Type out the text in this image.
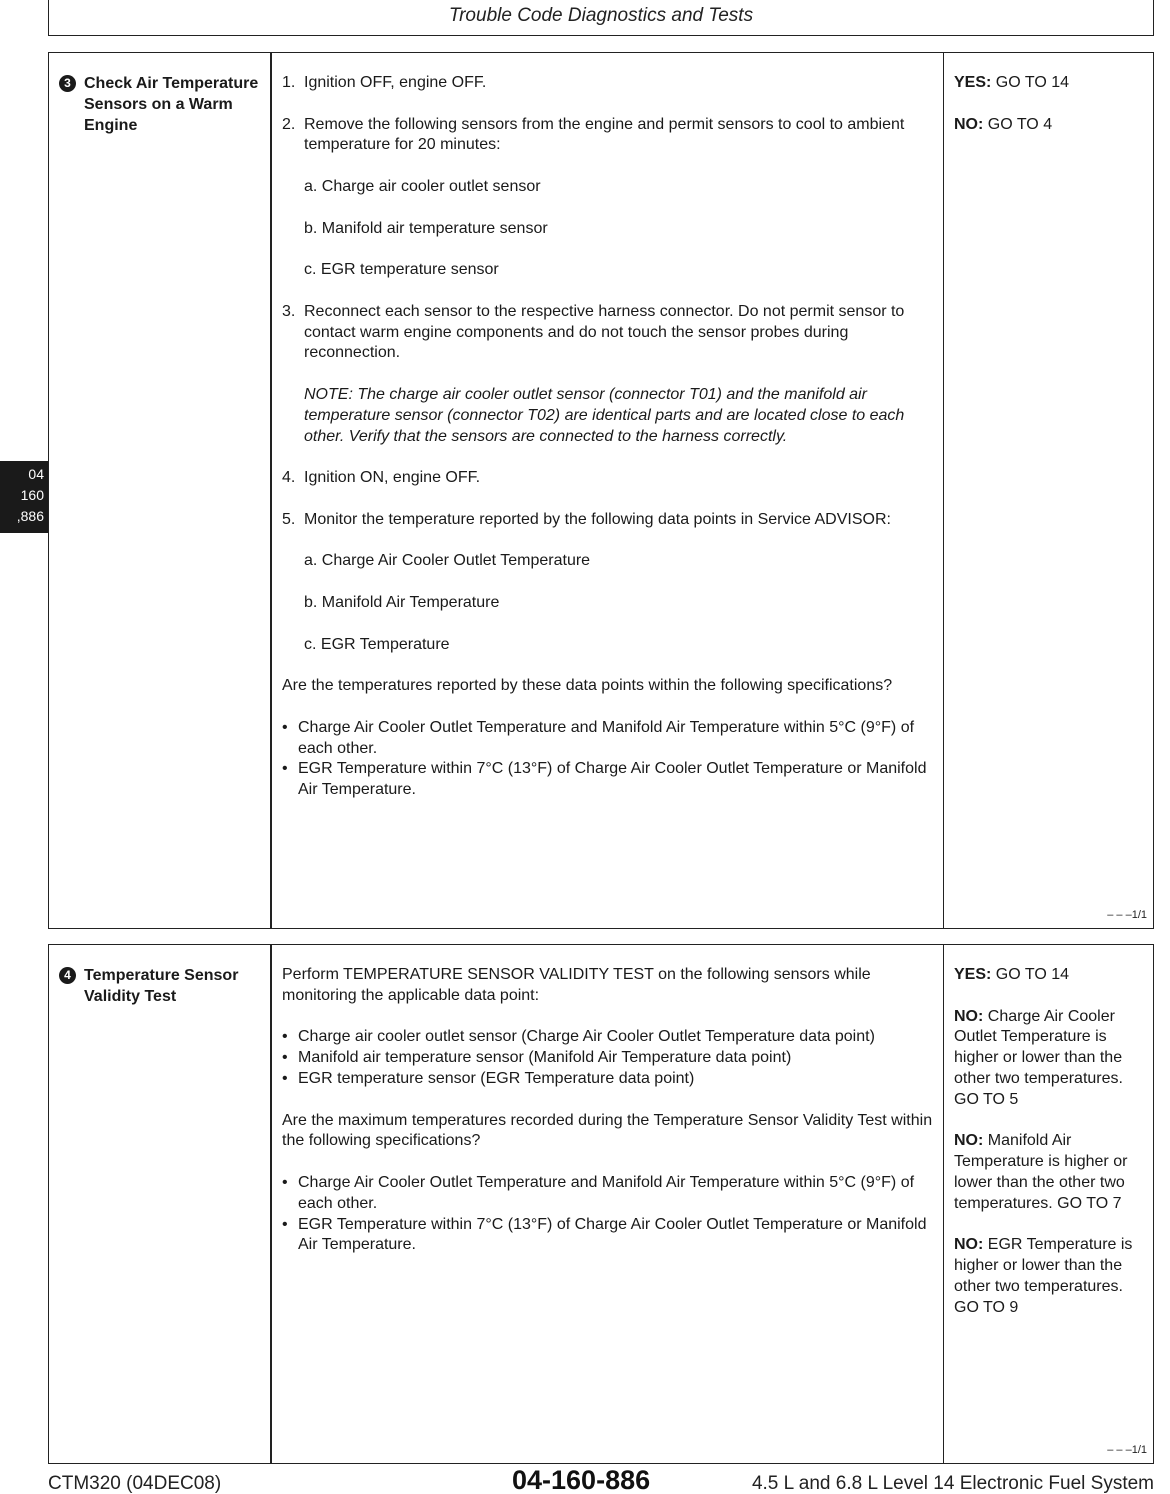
Trouble Code Diagnostics and Tests
04
160
,886
3 Check Air Temperature Sensors on a Warm Engine
1. Ignition OFF, engine OFF.
2. Remove the following sensors from the engine and permit sensors to cool to ambient temperature for 20 minutes:
a. Charge air cooler outlet sensor
b. Manifold air temperature sensor
c. EGR temperature sensor
3. Reconnect each sensor to the respective harness connector. Do not permit sensor to contact warm engine components and do not touch the sensor probes during reconnection.
NOTE: The charge air cooler outlet sensor (connector T01) and the manifold air temperature sensor (connector T02) are identical parts and are located close to each other. Verify that the sensors are connected to the harness correctly.
4. Ignition ON, engine OFF.
5. Monitor the temperature reported by the following data points in Service ADVISOR:
a. Charge Air Cooler Outlet Temperature
b. Manifold Air Temperature
c. EGR Temperature

Are the temperatures reported by these data points within the following specifications?

• Charge Air Cooler Outlet Temperature and Manifold Air Temperature within 5°C (9°F) of each other.
• EGR Temperature within 7°C (13°F) of Charge Air Cooler Outlet Temperature or Manifold Air Temperature.

YES: GO TO 14

NO: GO TO 4

– – –1/1
4 Temperature Sensor Validity Test

Perform TEMPERATURE SENSOR VALIDITY TEST on the following sensors while monitoring the applicable data point:

• Charge air cooler outlet sensor (Charge Air Cooler Outlet Temperature data point)
• Manifold air temperature sensor (Manifold Air Temperature data point)
• EGR temperature sensor (EGR Temperature data point)

Are the maximum temperatures recorded during the Temperature Sensor Validity Test within the following specifications?

• Charge Air Cooler Outlet Temperature and Manifold Air Temperature within 5°C (9°F) of each other.
• EGR Temperature within 7°C (13°F) of Charge Air Cooler Outlet Temperature or Manifold Air Temperature.

YES: GO TO 14

NO: Charge Air Cooler Outlet Temperature is higher or lower than the other two temperatures. GO TO 5

NO: Manifold Air Temperature is higher or lower than the other two temperatures. GO TO 7

NO: EGR Temperature is higher or lower than the other two temperatures. GO TO 9

– – –1/1
CTM320 (04DEC08)	04-160-886	4.5 L and 6.8 L Level 14 Electronic Fuel System
